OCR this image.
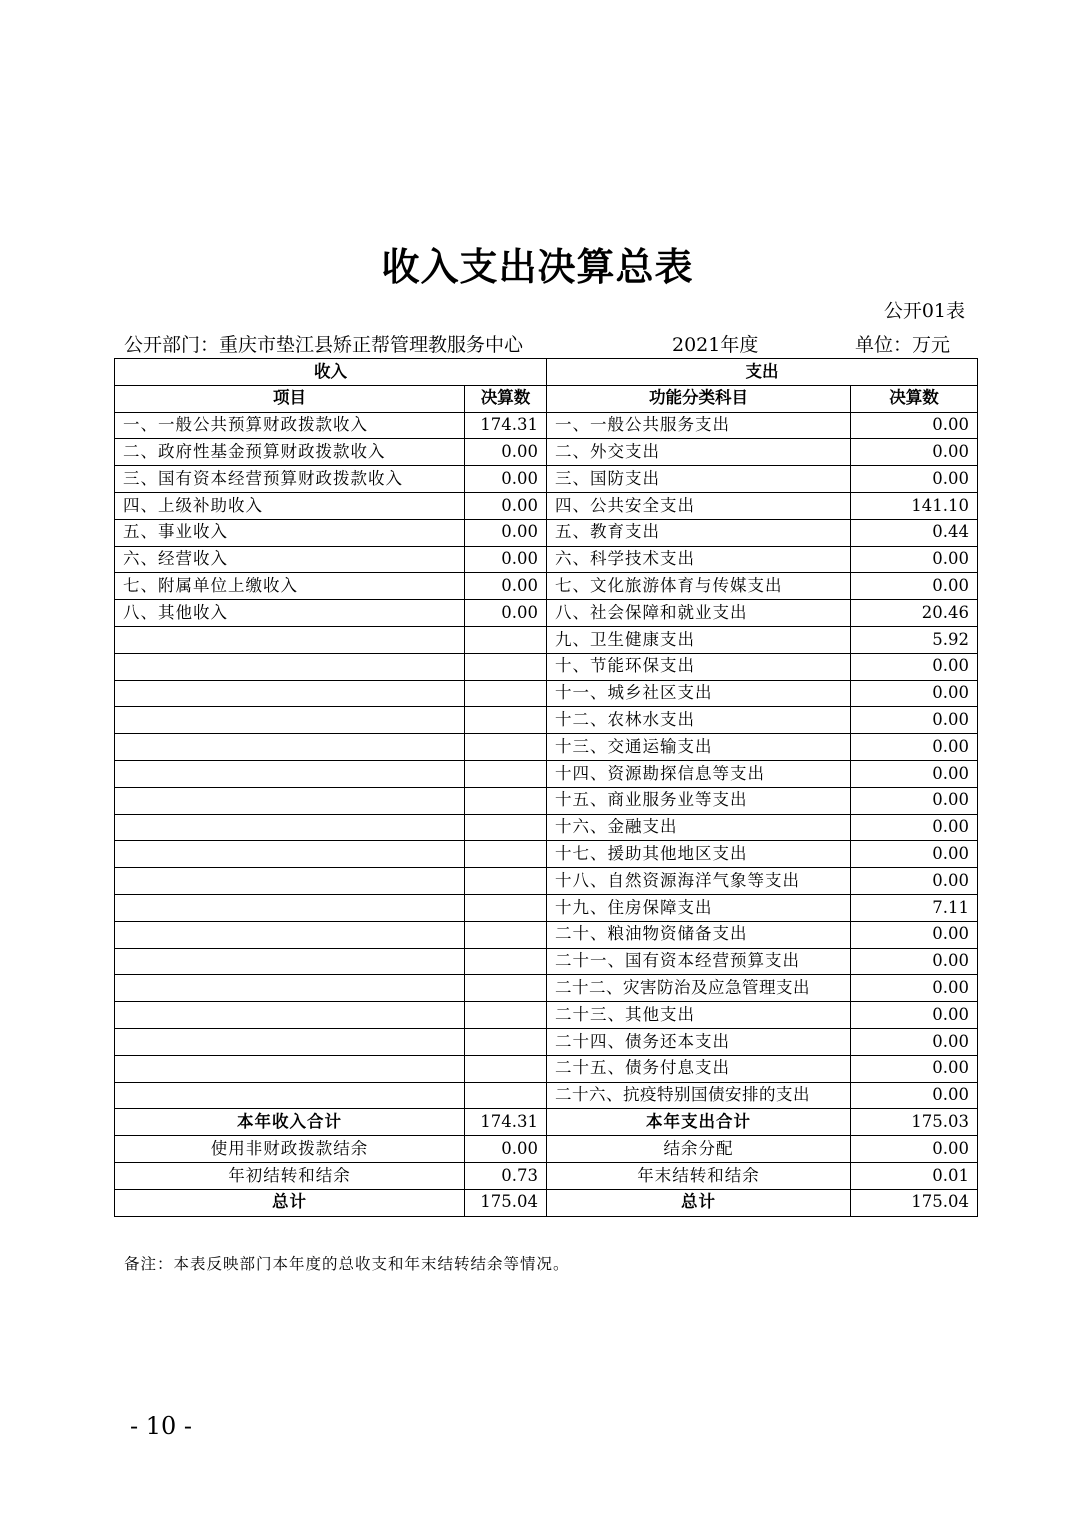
收入支出决算总表
公开01表
公开部门：重庆市垫江县矫正帮管理教服务中心	2021年度	单位：万元
收入		支出	
项目	决算数	功能分类科目	决算数
一、一般公共预算财政拨款收入	174.31	一、一般公共服务支出	0.00
二、政府性基金预算财政拨款收入	0.00	二、外交支出	0.00
三、国有资本经营预算财政拨款收入	0.00	三、国防支出	0.00
四、上级补助收入	0.00	四、公共安全支出	141.10
五、事业收入	0.00	五、教育支出	0.44
六、经营收入	0.00	六、科学技术支出	0.00
七、附属单位上缴收入	0.00	七、文化旅游体育与传媒支出	0.00
八、其他收入	0.00	八、社会保障和就业支出	20.46
		九、卫生健康支出	5.92
		十、节能环保支出	0.00
		十一、城乡社区支出	0.00
		十二、农林水支出	0.00
		十三、交通运输支出	0.00
		十四、资源勘探信息等支出	0.00
		十五、商业服务业等支出	0.00
		十六、金融支出	0.00
		十七、援助其他地区支出	0.00
		十八、自然资源海洋气象等支出	0.00
		十九、住房保障支出	7.11
		二十、粮油物资储备支出	0.00
		二十一、国有资本经营预算支出	0.00
		二十二、灾害防治及应急管理支出	0.00
		二十三、其他支出	0.00
		二十四、债务还本支出	0.00
		二十五、债务付息支出	0.00
		二十六、抗疫特别国债安排的支出	0.00
本年收入合计	174.31	本年支出合计	175.03
使用非财政拨款结余	0.00	结余分配	0.00
年初结转和结余	0.73	年末结转和结余	0.01
总计	175.04	总计	175.04
备注：本表反映部门本年度的总收支和年末结转结余等情况。
- 10 -
